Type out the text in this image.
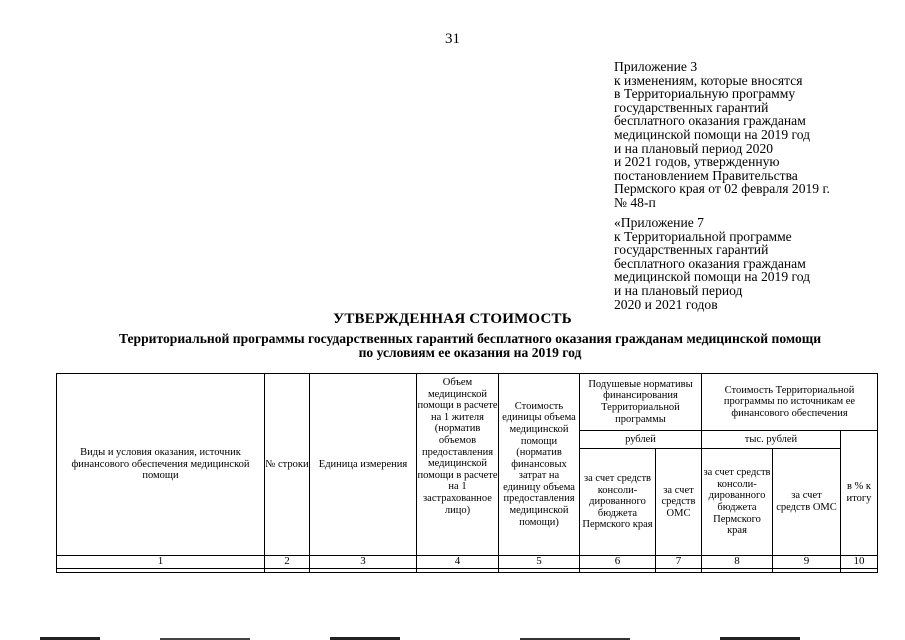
31
Приложение 3
к изменениям, которые вносятся
в Территориальную программу
государственных гарантий
бесплатного оказания гражданам
медицинской помощи на 2019 год
и на плановый период 2020
и 2021 годов, утвержденную
постановлением Правительства
Пермского края от 02 февраля 2019 г.
№ 48-п
«Приложение 7
к Территориальной программе
государственных гарантий
бесплатного оказания гражданам
медицинской помощи на 2019 год
и на плановый период
2020 и 2021 годов
УТВЕРЖДЕННАЯ СТОИМОСТЬ
Территориальной программы государственных гарантий бесплатного оказания гражданам медицинской помощи
по условиям ее оказания на 2019 год
Виды и условия оказания, источник финансового обеспечения медицинской помощи	№ строки	Единица измерения	Объем медицинской помощи в расчете на 1 жителя (норматив объемов предоставления медицинской помощи в расчете на 1 застрахованное лицо)	Стоимость единицы объема медицинской помощи (норматив финансовых затрат на единицу объема предоставления медицинской помощи)	Подушевые нормативы финансирования Территориальной программы		Стоимость Территориальной программы по источникам ее финансового обеспечения		
					рублей		тыс. рублей		в % к итогу
					за счет средств консоли-дированного бюджета Пермского края	за счет средств ОМС	за счет средств консоли-дированного бюджета Пермского края	за счет средств ОМС	
1	2	3	4	5	6	7	8	9	10
